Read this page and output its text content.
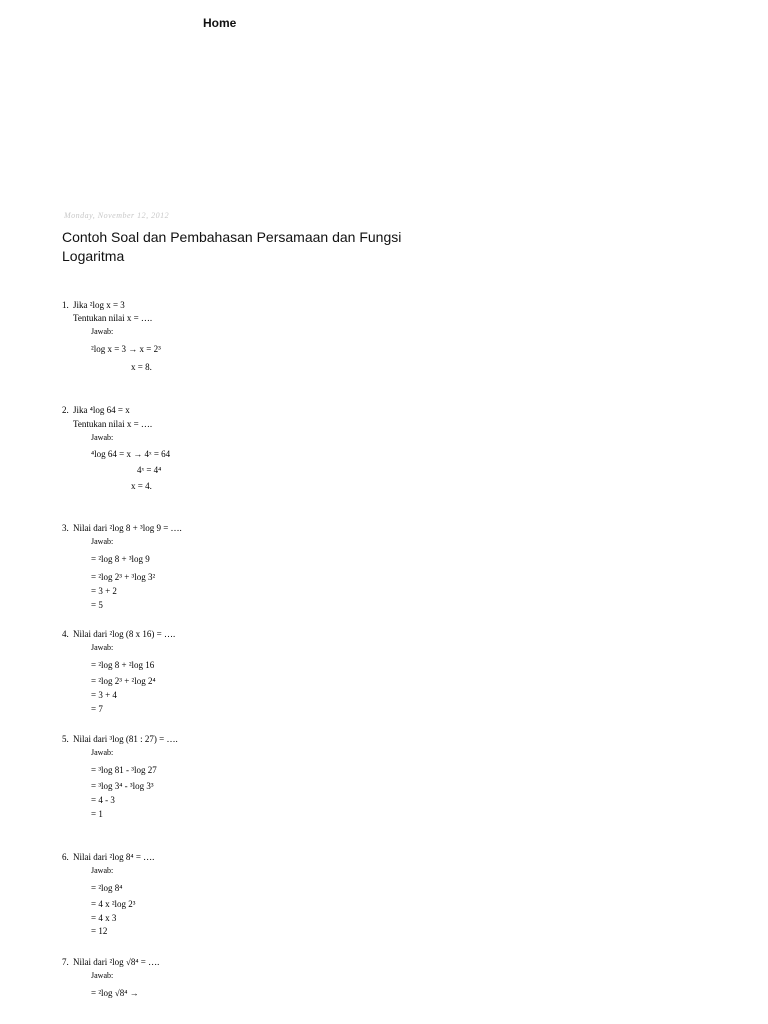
Home
Monday, November 12, 2012
Contoh Soal dan Pembahasan Persamaan dan Fungsi Logaritma
1. Jika ²log x = 3
Tentukan nilai x = ….
Jawab:
²log x = 3 → x = 2³
x = 8.
2. Jika ⁴log 64 = x
Tentukan nilai x = ….
Jawab:
⁴log 64 = x → 4ˣ = 64
4ˣ = 4⁴
x = 4.
3. Nilai dari ²log 8 + ³log 9 = ….
Jawab:
= ²log 8 + ³log 9
= ²log 2³ + ³log 3²
= 3 + 2
= 5
4. Nilai dari ²log (8 x 16) = ….
Jawab:
= ²log 8 + ²log 16
= ²log 2³ + ²log 2⁴
= 3 + 4
= 7
5. Nilai dari ³log (81 : 27) = ….
Jawab:
= ³log 81 - ³log 27
= ³log 3⁴ - ³log 3³
= 4 - 3
= 1
6. Nilai dari ²log 8⁴ = ….
Jawab:
= ²log 8⁴
= 4 x ²log 2³
= 4 x 3
= 12
7. Nilai dari ²log √8⁴ = ….
Jawab:
= ²log √8⁴ →
